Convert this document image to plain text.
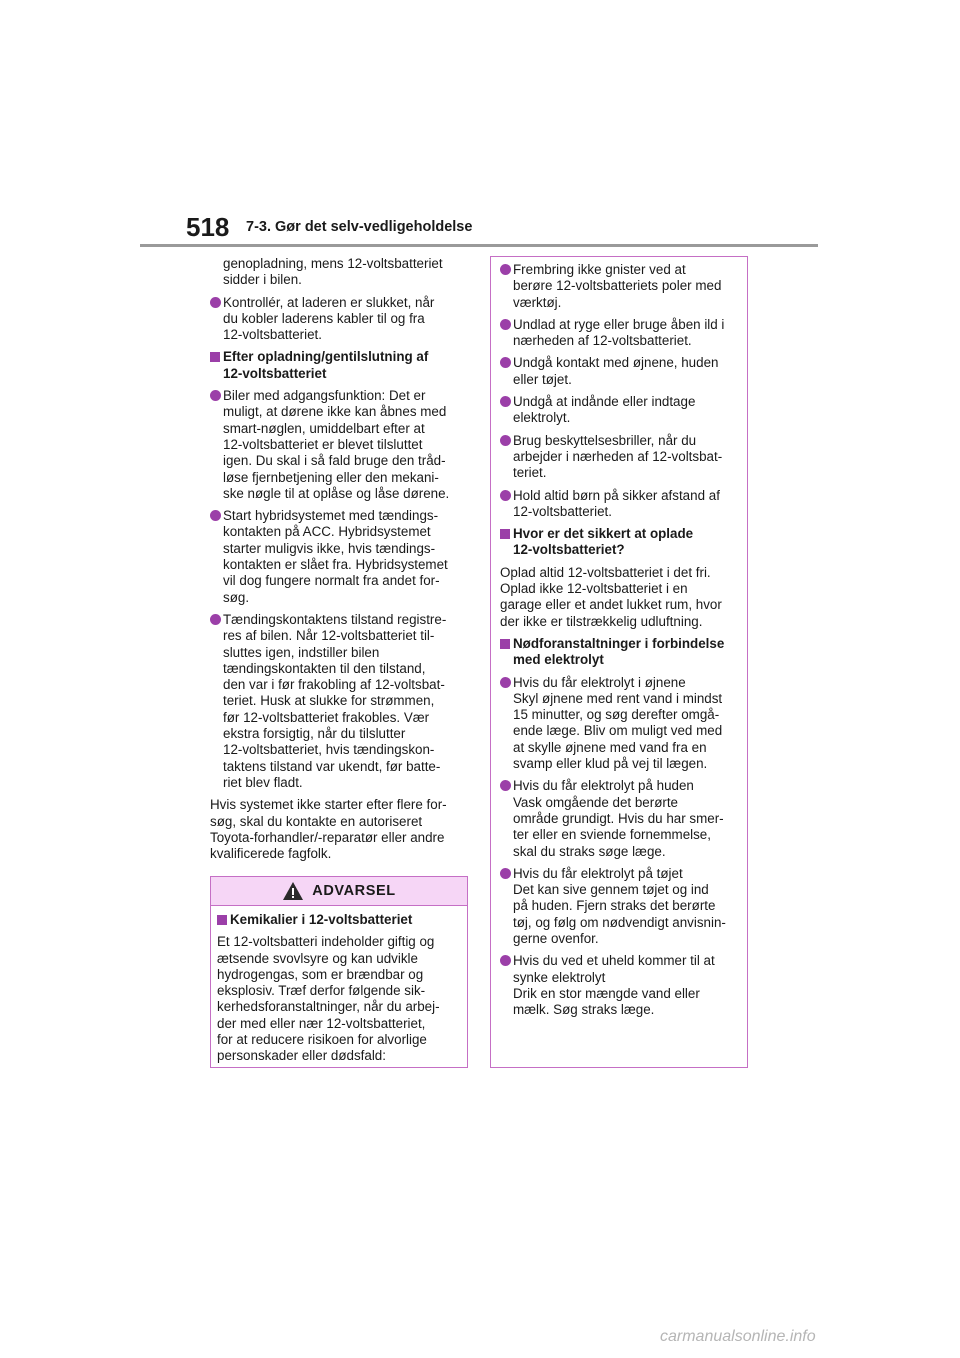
518 7-3. Gør det selv-vedligeholdelse
genopladning, mens 12-voltsbatteriet
sidder i bilen.
Kontrollér, at laderen er slukket, når
du kobler laderens kabler til og fra
12-voltsbatteriet.
Efter opladning/gentilslutning af
12-voltsbatteriet
Biler med adgangsfunktion: Det er
muligt, at dørene ikke kan åbnes med
smart-nøglen, umiddelbart efter at
12-voltsbatteriet er blevet tilsluttet
igen. Du skal i så fald bruge den tråd-
løse fjernbetjening eller den mekani-
ske nøgle til at oplåse og låse dørene.
Start hybridsystemet med tændings-
kontakten på ACC. Hybridsystemet
starter muligvis ikke, hvis tændings-
kontakten er slået fra. Hybridsystemet
vil dog fungere normalt fra andet for-
søg.
Tændingskontaktens tilstand registre-
res af bilen. Når 12-voltsbatteriet til-
sluttes igen, indstiller bilen
tændingskontakten til den tilstand,
den var i før frakobling af 12-voltsbat-
teriet. Husk at slukke for strømmen,
før 12-voltsbatteriet frakobles. Vær
ekstra forsigtig, når du tilslutter
12-voltsbatteriet, hvis tændingskon-
taktens tilstand var ukendt, før batte-
riet blev fladt.
Hvis systemet ikke starter efter flere for-
søg, skal du kontakte en autoriseret
Toyota-forhandler/-reparatør eller andre
kvalificerede fagfolk.
ADVARSEL
Kemikalier i 12-voltsbatteriet
Et 12-voltsbatteri indeholder giftig og
ætsende svovlsyre og kan udvikle
hydrogengas, som er brændbar og
eksplosiv. Træf derfor følgende sik-
kerhedsforanstaltninger, når du arbej-
der med eller nær 12-voltsbatteriet,
for at reducere risikoen for alvorlige
personskader eller dødsfald:
Frembring ikke gnister ved at
berøre 12-voltsbatteriets poler med
værktøj.
Undlad at ryge eller bruge åben ild i
nærheden af 12-voltsbatteriet.
Undgå kontakt med øjnene, huden
eller tøjet.
Undgå at indånde eller indtage
elektrolyt.
Brug beskyttelsesbriller, når du
arbejder i nærheden af 12-voltsbat-
teriet.
Hold altid børn på sikker afstand af
12-voltsbatteriet.
Hvor er det sikkert at oplade
12-voltsbatteriet?
Oplad altid 12-voltsbatteriet i det fri.
Oplad ikke 12-voltsbatteriet i en
garage eller et andet lukket rum, hvor
der ikke er tilstrækkelig udluftning.
Nødforanstaltninger i forbindelse
med elektrolyt
Hvis du får elektrolyt i øjnene
Skyl øjnene med rent vand i mindst
15 minutter, og søg derefter omgå-
ende læge. Bliv om muligt ved med
at skylle øjnene med vand fra en
svamp eller klud på vej til lægen.
Hvis du får elektrolyt på huden
Vask omgående det berørte
område grundigt. Hvis du har smer-
ter eller en sviende fornemmelse,
skal du straks søge læge.
Hvis du får elektrolyt på tøjet
Det kan sive gennem tøjet og ind
på huden. Fjern straks det berørte
tøj, og følg om nødvendigt anvisnin-
gerne ovenfor.
Hvis du ved et uheld kommer til at
synke elektrolyt
Drik en stor mængde vand eller
mælk. Søg straks læge.
carmanualsonline.info
